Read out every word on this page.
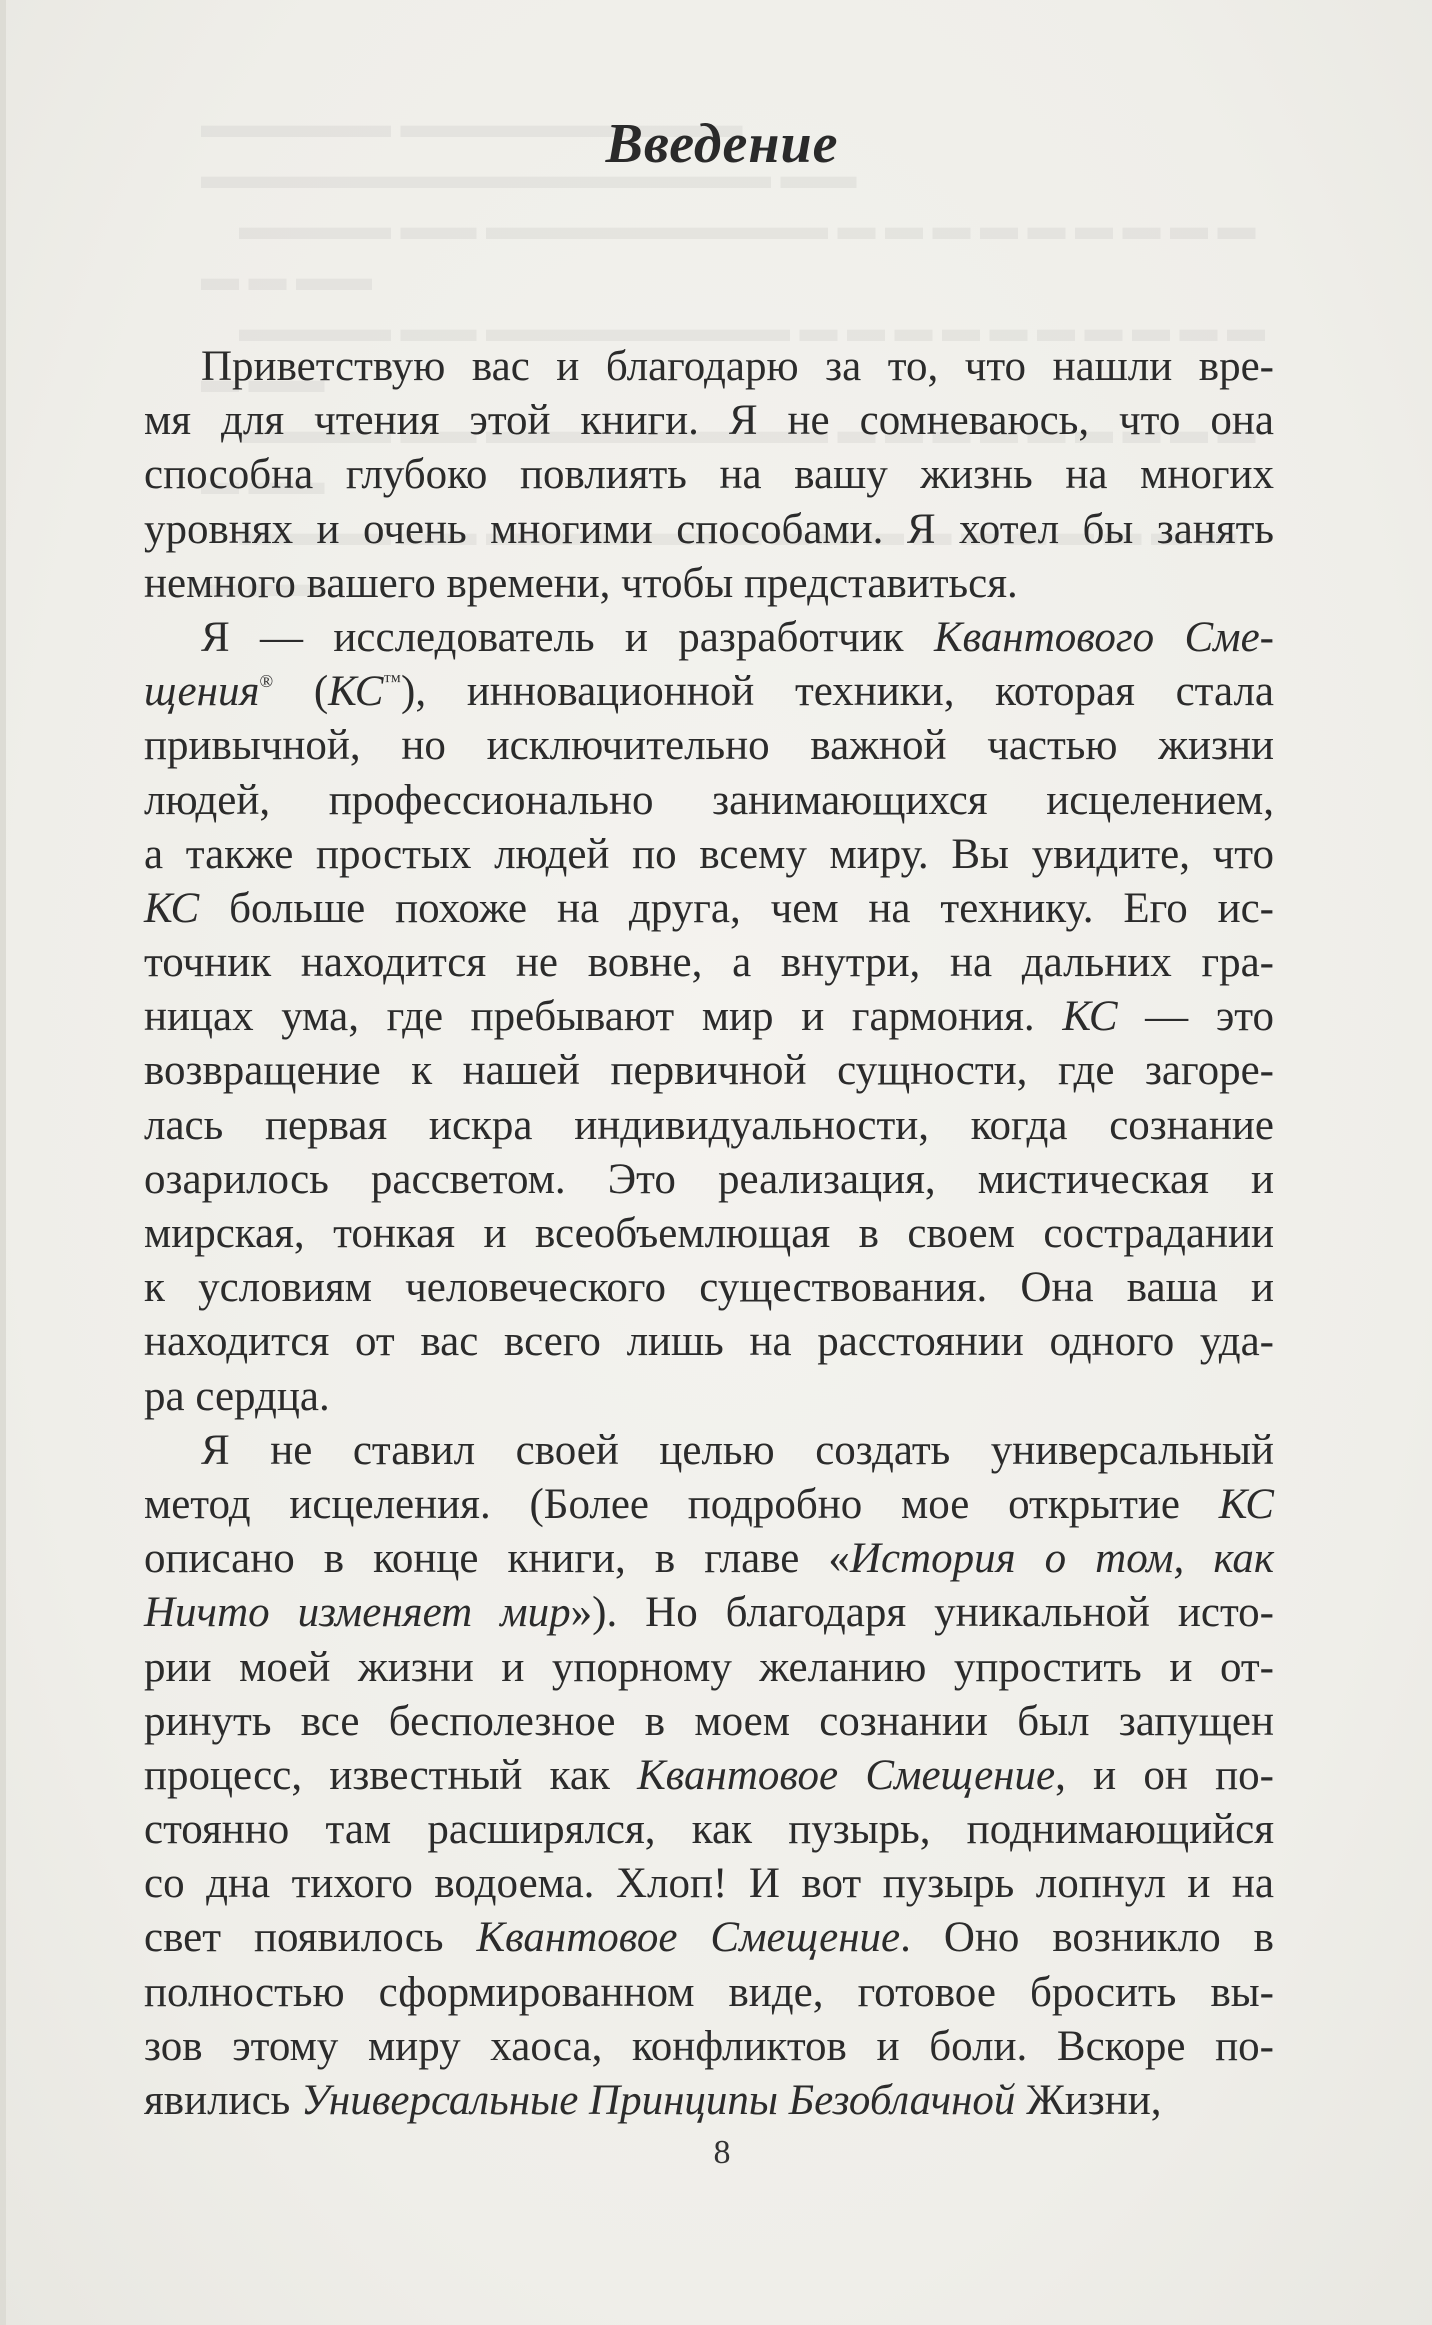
Введение

Приветствую вас и благодарю за то, что нашли вре-
мя для чтения этой книги. Я не сомневаюсь, что она
способна глубоко повлиять на вашу жизнь на многих
уровнях и очень многими способами. Я хотел бы занять
немного вашего времени, чтобы представиться.

Я — исследователь и разработчик Квантового Сме-
щения® (КС™), инновационной техники, которая стала
привычной, но исключительно важной частью жизни
людей, профессионально занимающихся исцелением,
а также простых людей по всему миру. Вы увидите, что
КС больше похоже на друга, чем на технику. Его ис-
точник находится не вовне, а внутри, на дальних гра-
ницах ума, где пребывают мир и гармония. КС — это
возвращение к нашей первичной сущности, где загоре-
лась первая искра индивидуальности, когда сознание
озарилось рассветом. Это реализация, мистическая и
мирская, тонкая и всеобъемлющая в своем сострадании
к условиям человеческого существования. Она ваша и
находится от вас всего лишь на расстоянии одного уда-
ра сердца.

Я не ставил своей целью создать универсальный
метод исцеления. (Более подробно мое открытие КС
описано в конце книги, в главе «История о том, как
Ничто изменяет мир»). Но благодаря уникальной исто-
рии моей жизни и упорному желанию упростить и от-
ринуть все бесполезное в моем сознании был запущен
процесс, известный как Квантовое Смещение, и он по-
стоянно там расширялся, как пузырь, поднимающийся
со дна тихого водоема. Хлоп! И вот пузырь лопнул и на
свет появилось Квантовое Смещение. Оно возникло в
полностью сформированном виде, готовое бросить вы-
зов этому миру хаоса, конфликтов и боли. Вскоре по-
явились Универсальные Принципы Безоблачной Жизни,

8
